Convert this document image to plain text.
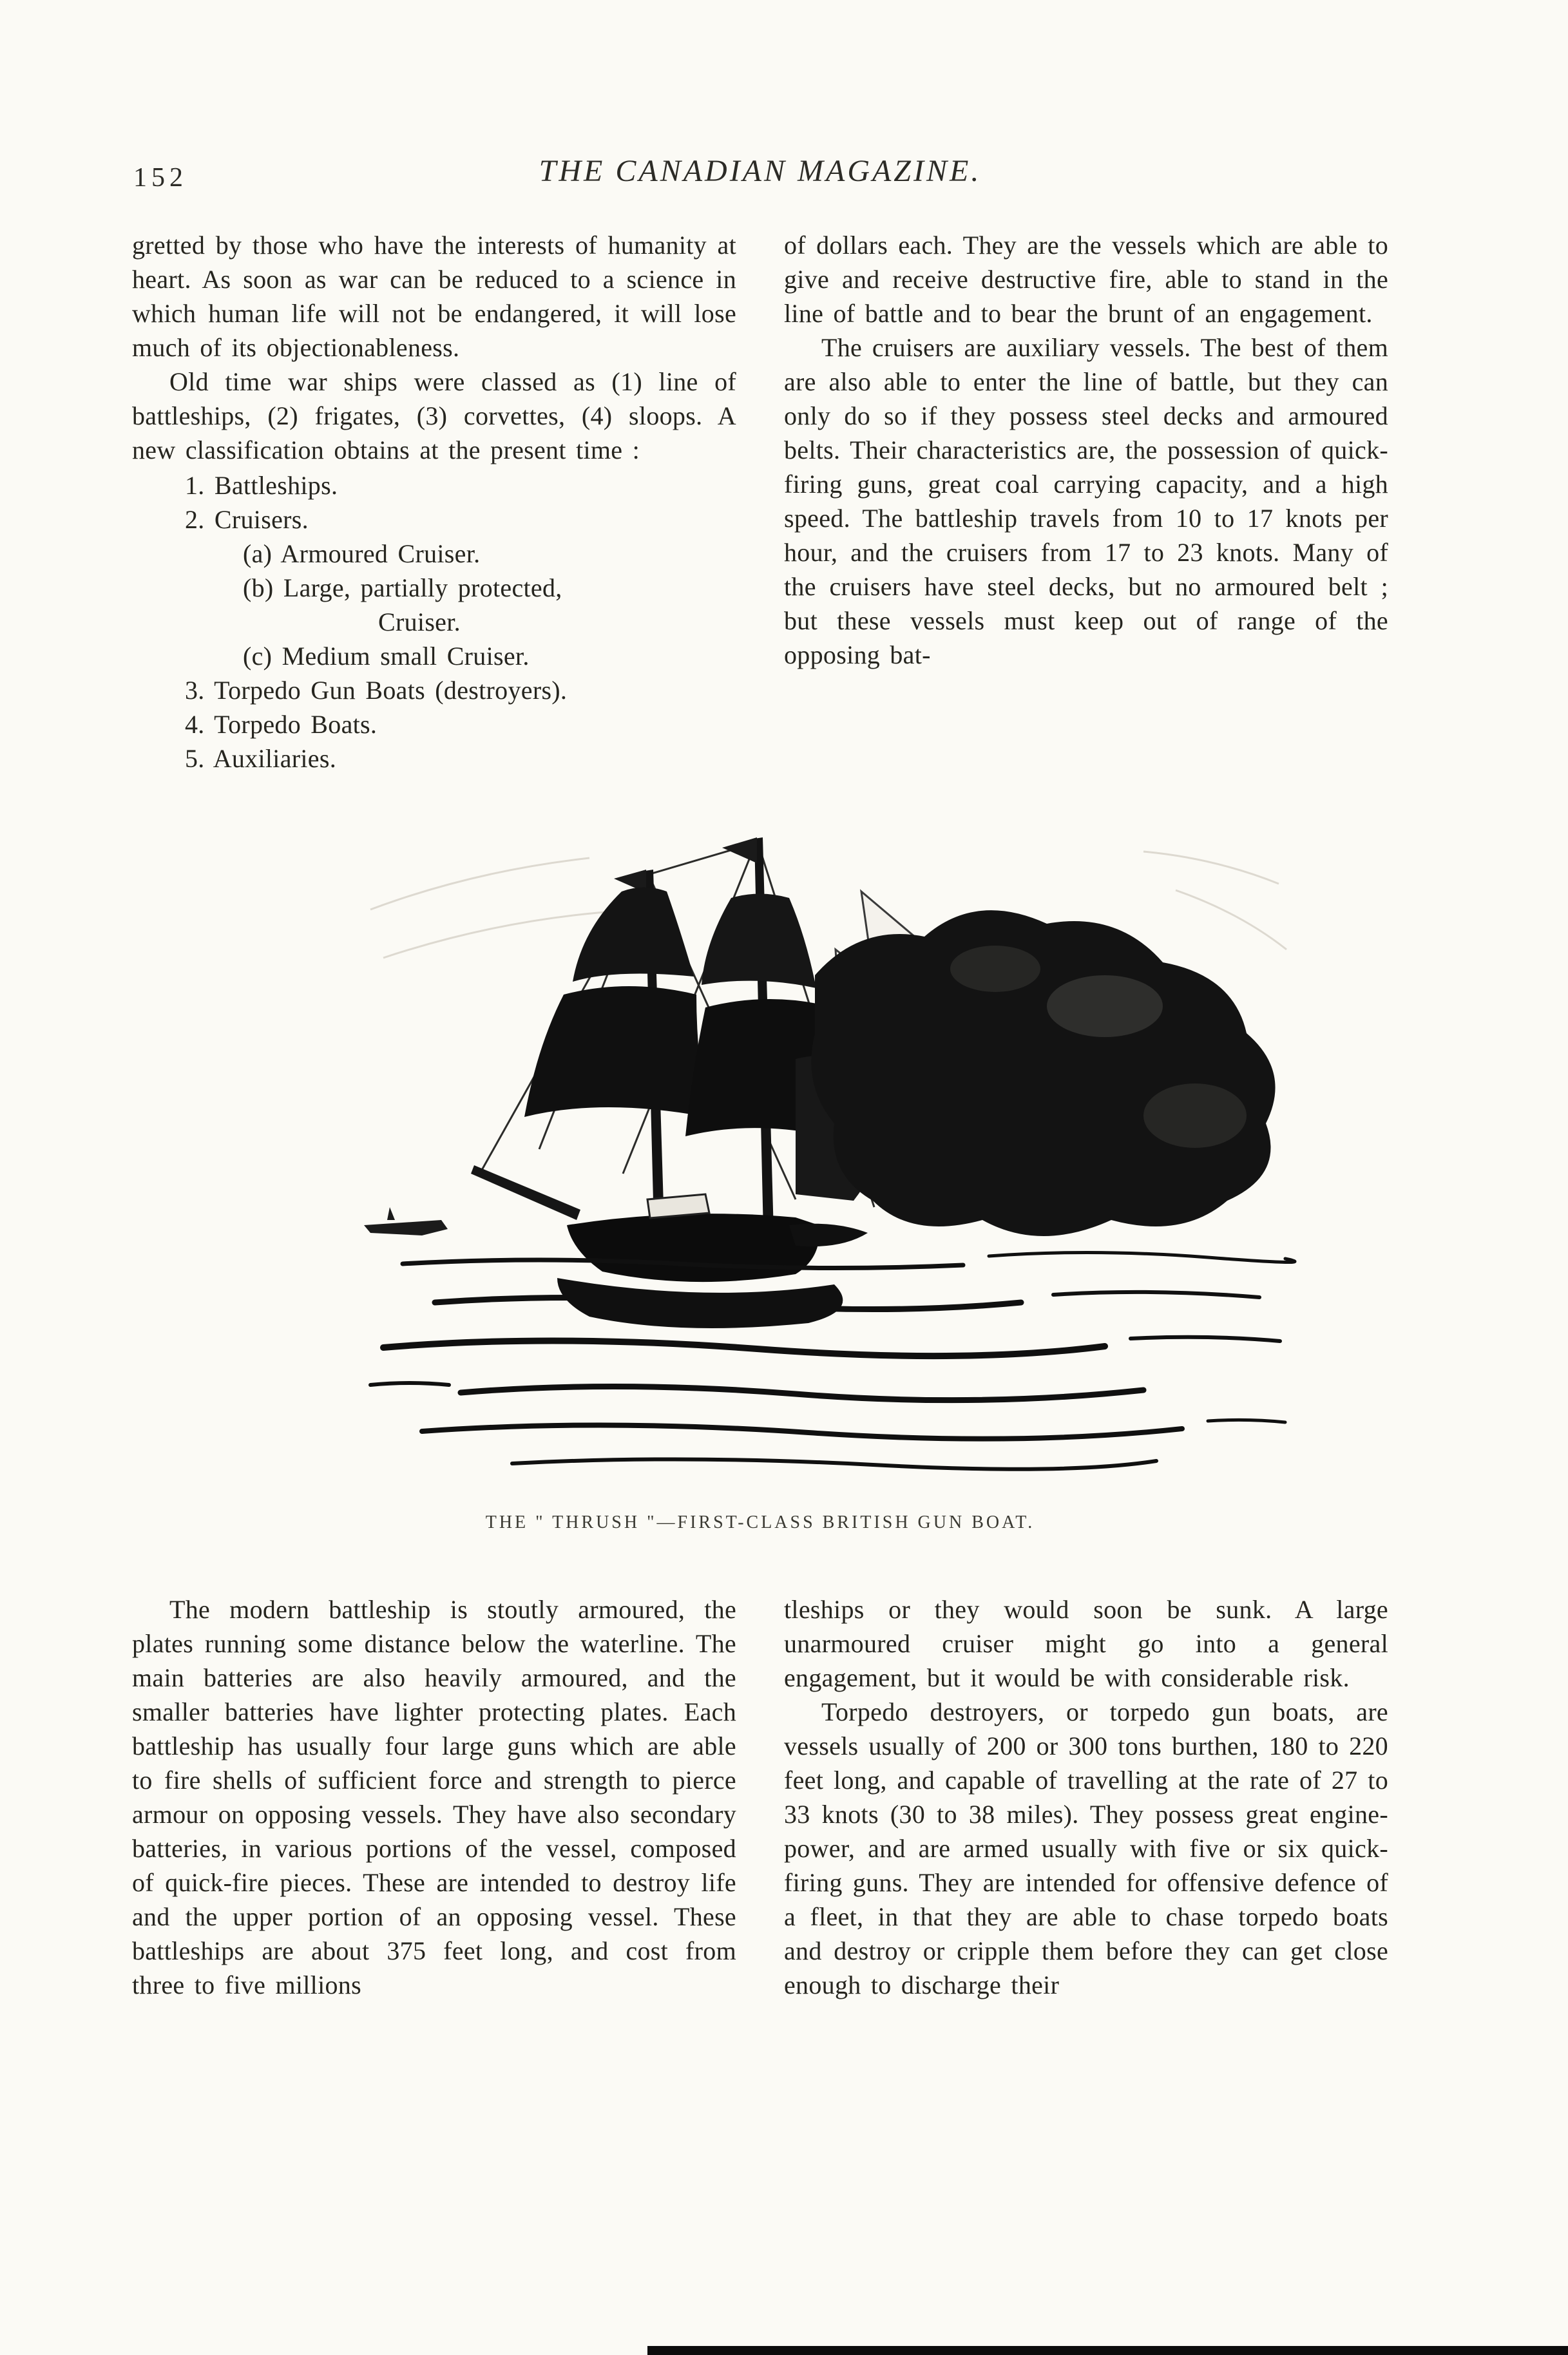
152	THE CANADIAN MAGAZINE.

gretted by those who have the interests of humanity at heart. As soon as war can be reduced to a science in which human life will not be endangered, it will lose much of its objectionableness.

Old time war ships were classed as (1) line of battleships, (2) frigates, (3) corvettes, (4) sloops. A new classification obtains at the present time :

1. Battleships.
2. Cruisers.
(a) Armoured Cruiser.
(b) Large, partially protected,
Cruiser.
(c) Medium small Cruiser.
3. Torpedo Gun Boats (destroyers).
4. Torpedo Boats.
5. Auxiliaries.

of dollars each. They are the vessels which are able to give and receive destructive fire, able to stand in the line of battle and to bear the brunt of an engagement.

The cruisers are auxiliary vessels. The best of them are also able to enter the line of battle, but they can only do so if they possess steel decks and armoured belts. Their characteristics are, the possession of quick-firing guns, great coal carrying capacity, and a high speed. The battleship travels from 10 to 17 knots per hour, and the cruisers from 17 to 23 knots. Many of the cruisers have steel decks, but no armoured belt ; but these vessels must keep out of range of the opposing bat-

THE " THRUSH "—FIRST-CLASS BRITISH GUN BOAT.

The modern battleship is stoutly armoured, the plates running some distance below the waterline. The main batteries are also heavily armoured, and the smaller batteries have lighter protecting plates. Each battleship has usually four large guns which are able to fire shells of sufficient force and strength to pierce armour on opposing vessels. They have also secondary batteries, in various portions of the vessel, composed of quick-fire pieces. These are intended to destroy life and the upper portion of an opposing vessel. These battleships are about 375 feet long, and cost from three to five millions

tleships or they would soon be sunk. A large unarmoured cruiser might go into a general engagement, but it would be with considerable risk.

Torpedo destroyers, or torpedo gun boats, are vessels usually of 200 or 300 tons burthen, 180 to 220 feet long, and capable of travelling at the rate of 27 to 33 knots (30 to 38 miles). They possess great engine-power, and are armed usually with five or six quick-firing guns. They are intended for offensive defence of a fleet, in that they are able to chase torpedo boats and destroy or cripple them before they can get close enough to discharge their
